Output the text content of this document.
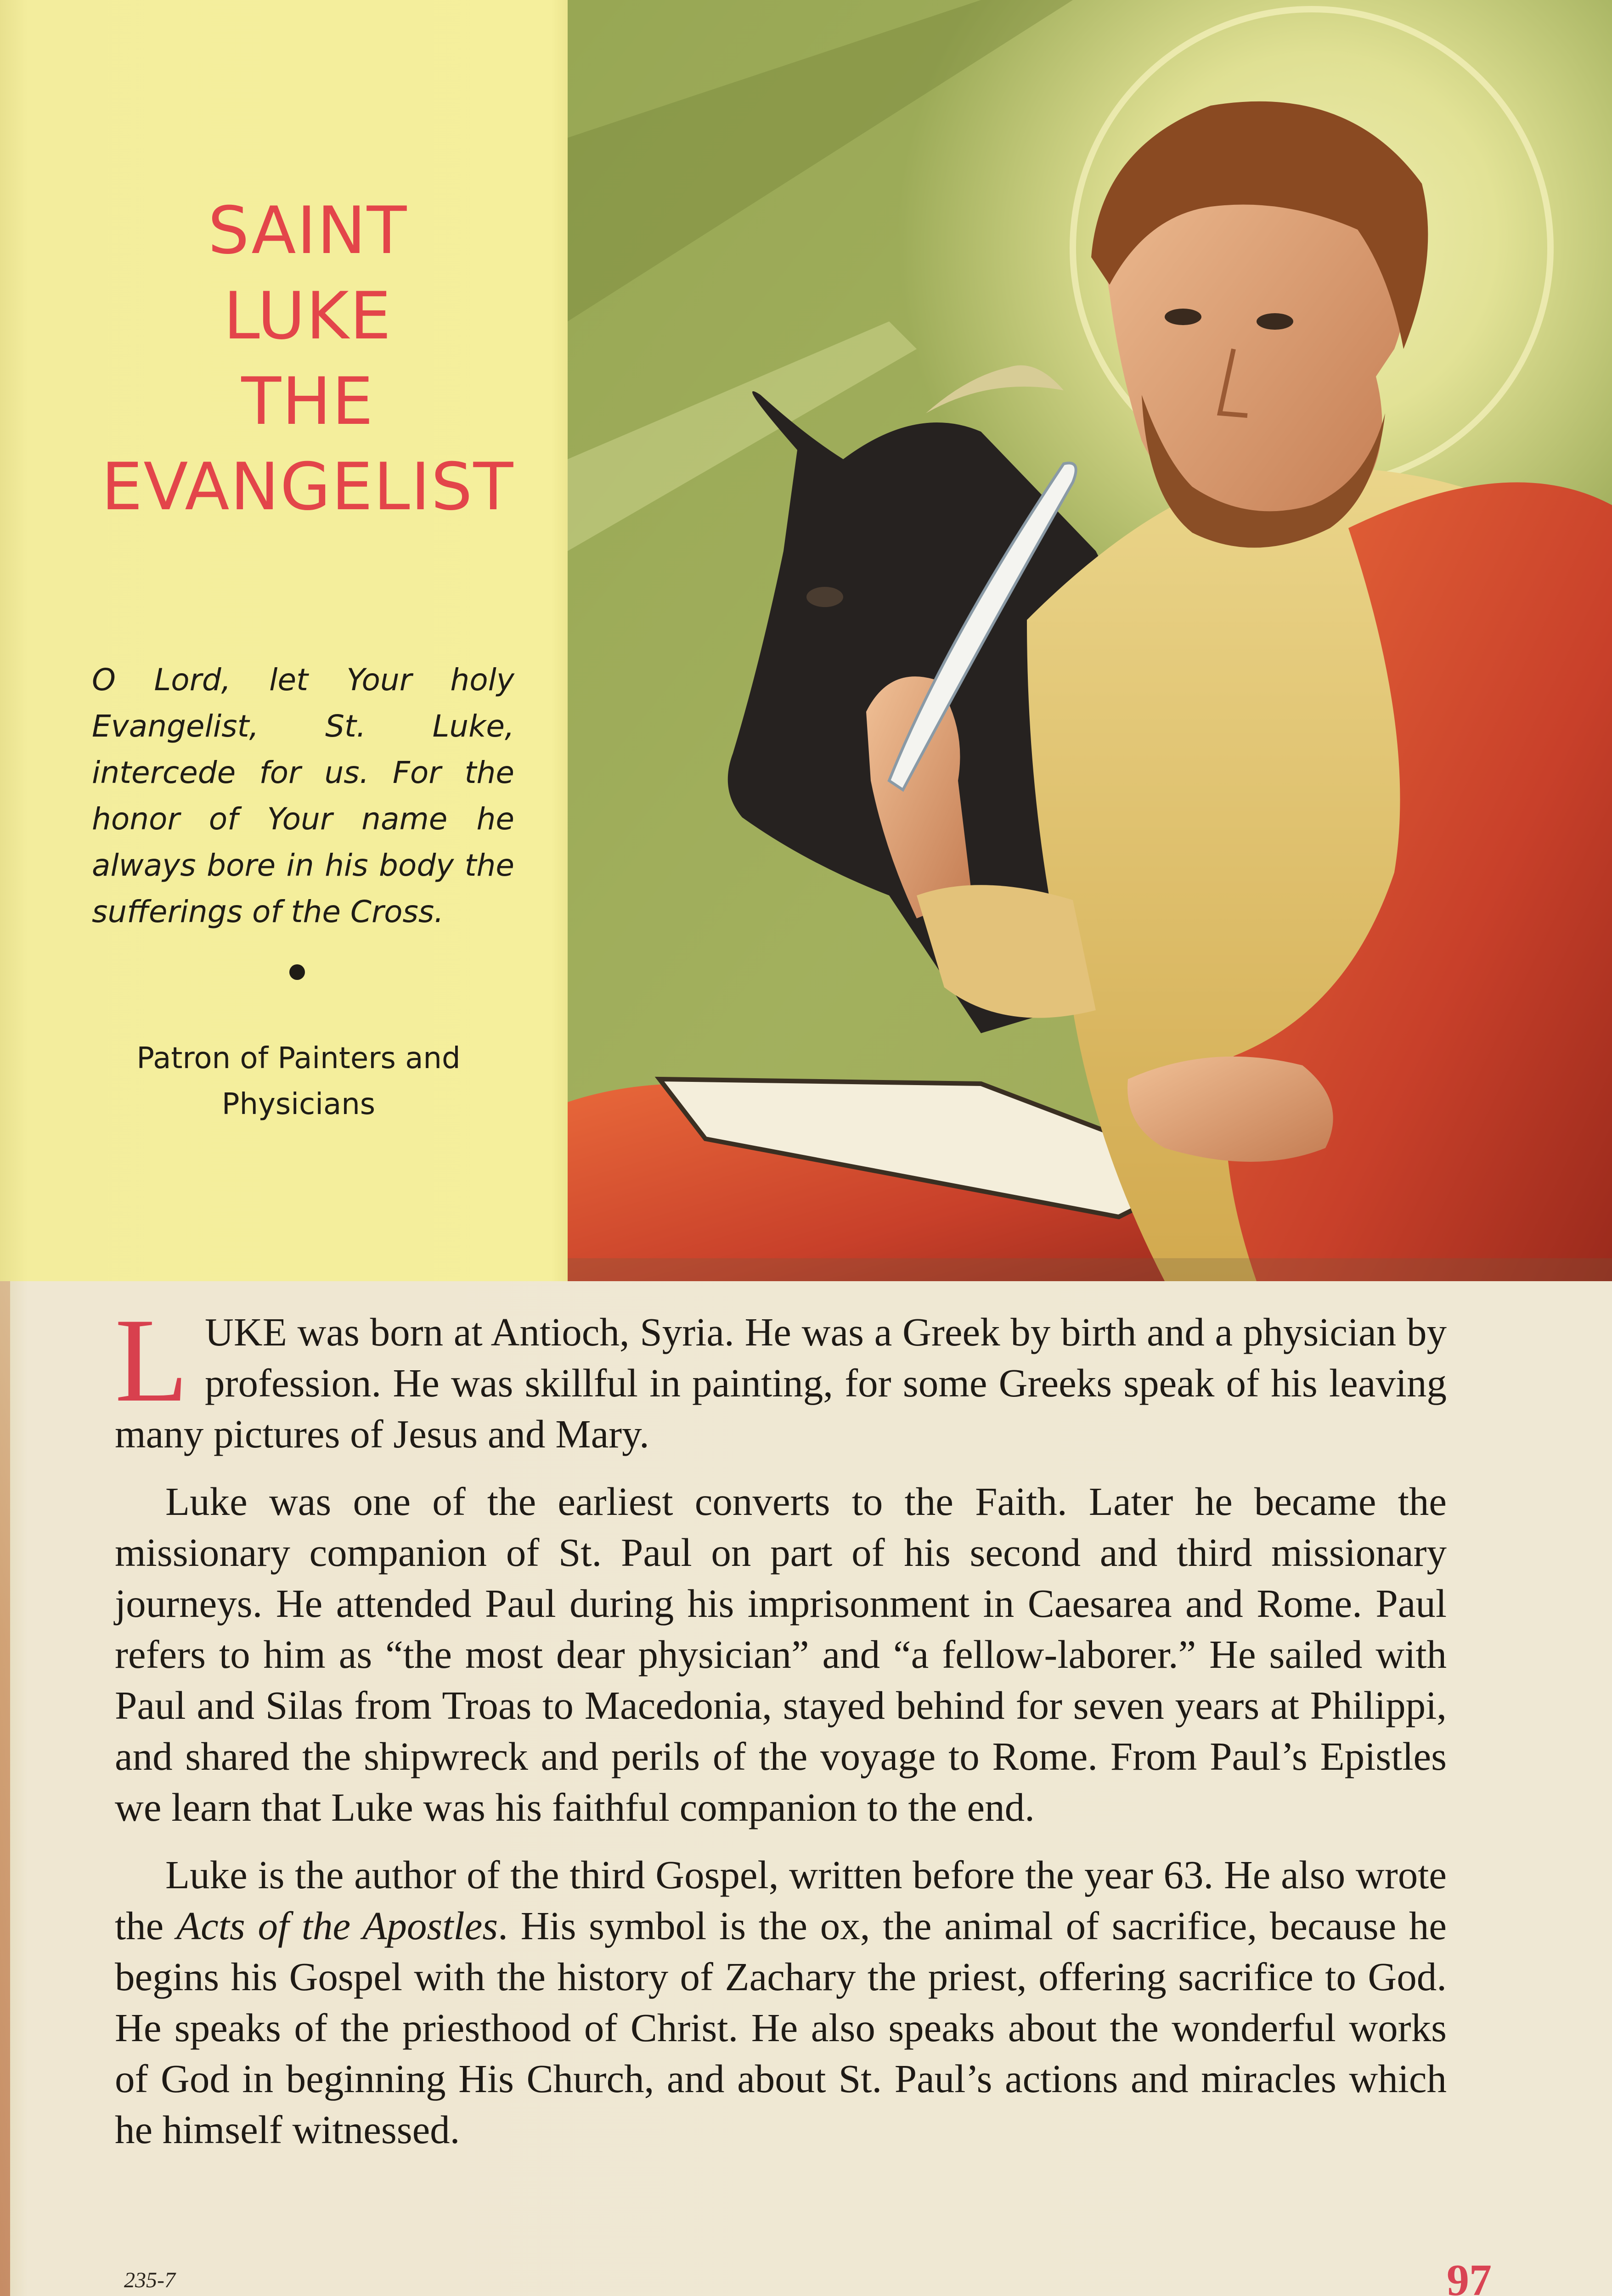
SAINT
LUKE
THE
EVANGELIST
O Lord, let Your holy Evangelist, St. Luke, intercede for us. For the honor of Your name he always bore in his body the sufferings of the Cross.
Patron of Painters and Physicians

LUKE was born at Antioch, Syria. He was a Greek by birth and a physician by profession. He was skillful in painting, for some Greeks speak of his leaving many pictures of Jesus and Mary.

Luke was one of the earliest converts to the Faith. Later he became the missionary companion of St. Paul on part of his second and third missionary journeys. He attended Paul during his imprisonment in Caesarea and Rome. Paul refers to him as “the most dear physician” and “a fellow-laborer.” He sailed with Paul and Silas from Troas to Macedonia, stayed behind for seven years at Philippi, and shared the shipwreck and perils of the voyage to Rome. From Paul’s Epistles we learn that Luke was his faithful companion to the end.

Luke is the author of the third Gospel, written before the year 63. He also wrote the Acts of the Apostles. His symbol is the ox, the animal of sacrifice, because he begins his Gospel with the history of Zachary the priest, offering sacrifice to God. He speaks of the priesthood of Christ. He also speaks about the wonderful works of God in beginning His Church, and about St. Paul’s actions and miracles which he himself witnessed.

235-7	97
